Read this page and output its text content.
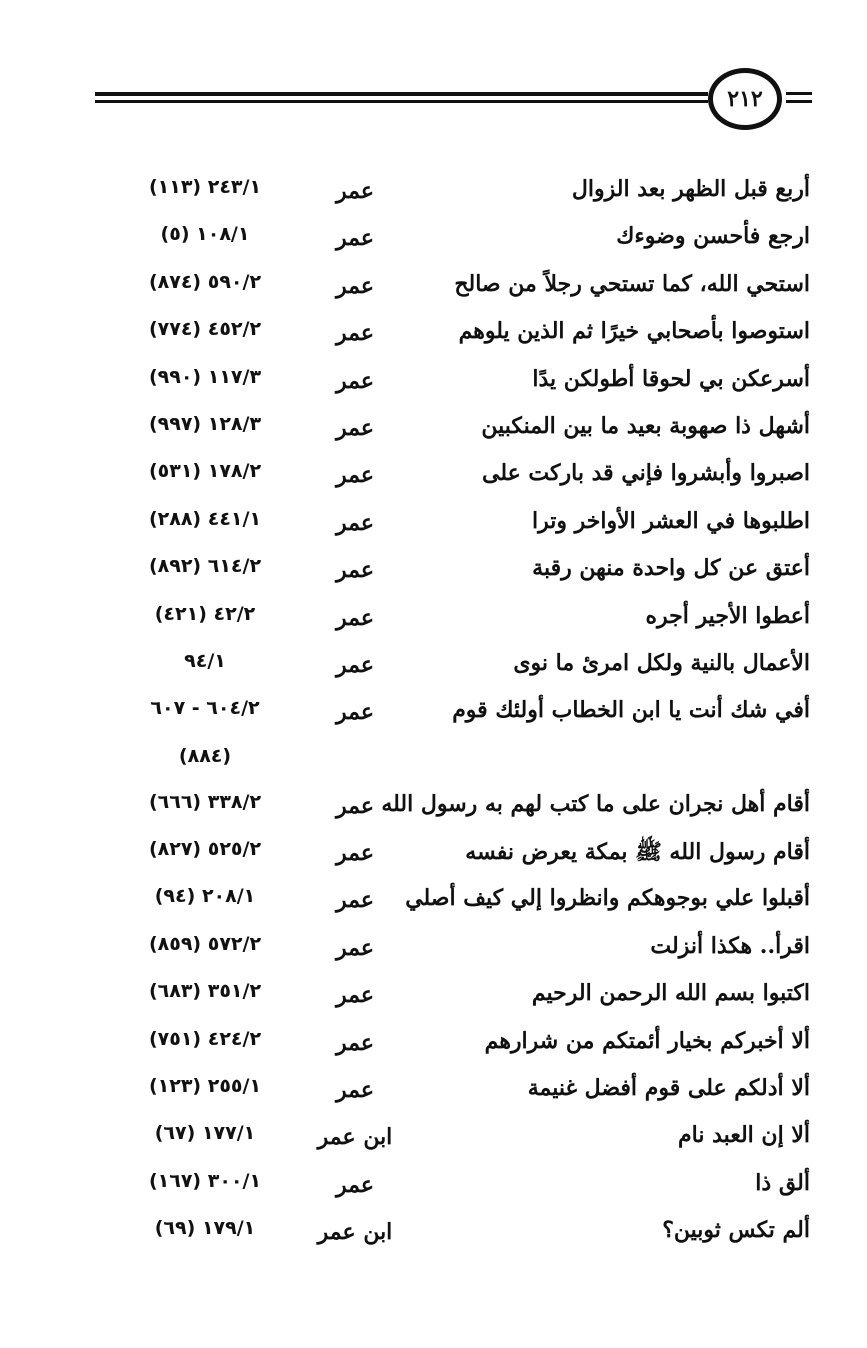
٢١٢
أربع قبل الظهر بعد الزوال
عمر
٢٤٣/١ (١١٣)
ارجع فأحسن وضوءك
عمر
١٠٨/١ (٥)
استحي الله، كما تستحي رجلاً من صالح
عمر
٥٩٠/٢ (٨٧٤)
استوصوا بأصحابي خيرًا ثم الذين يلوهم
عمر
٤٥٢/٢ (٧٧٤)
أسرعكن بي لحوقا أطولكن يدًا
عمر
١١٧/٣ (٩٩٠)
أشهل ذا صهوبة بعيد ما بين المنكبين
عمر
١٢٨/٣ (٩٩٧)
اصبروا وأبشروا فإني قد باركت على
عمر
١٧٨/٢ (٥٣١)
اطلبوها في العشر الأواخر وترا
عمر
٤٤١/١ (٢٨٨)
أعتق عن كل واحدة منهن رقبة
عمر
٦١٤/٢ (٨٩٢)
أعطوا الأجير أجره
عمر
٤٢/٢ (٤٢١)
الأعمال بالنية ولكل امرئ ما نوى
عمر
٩٤/١
أفي شك أنت يا ابن الخطاب أولئك قوم
عمر
٦٠٤/٢ - ٦٠٧
(٨٨٤)
أقام أهل نجران على ما كتب لهم به رسول الله
عمر
٣٣٨/٢ (٦٦٦)
أقام رسول الله ﷺ بمكة يعرض نفسه
عمر
٥٢٥/٢ (٨٢٧)
أقبلوا علي بوجوهكم وانظروا إلي كيف أصلي
عمر
٢٠٨/١ (٩٤)
اقرأ.. هكذا أنزلت
عمر
٥٧٢/٢ (٨٥٩)
اكتبوا بسم الله الرحمن الرحيم
عمر
٣٥١/٢ (٦٨٣)
ألا أخبركم بخيار أئمتكم من شرارهم
عمر
٤٢٤/٢ (٧٥١)
ألا أدلكم على قوم أفضل غنيمة
عمر
٢٥٥/١ (١٢٣)
ألا إن العبد نام
ابن عمر
١٧٧/١ (٦٧)
ألق ذا
عمر
٣٠٠/١ (١٦٧)
ألم تكس ثوبين؟
ابن عمر
١٧٩/١ (٦٩)
